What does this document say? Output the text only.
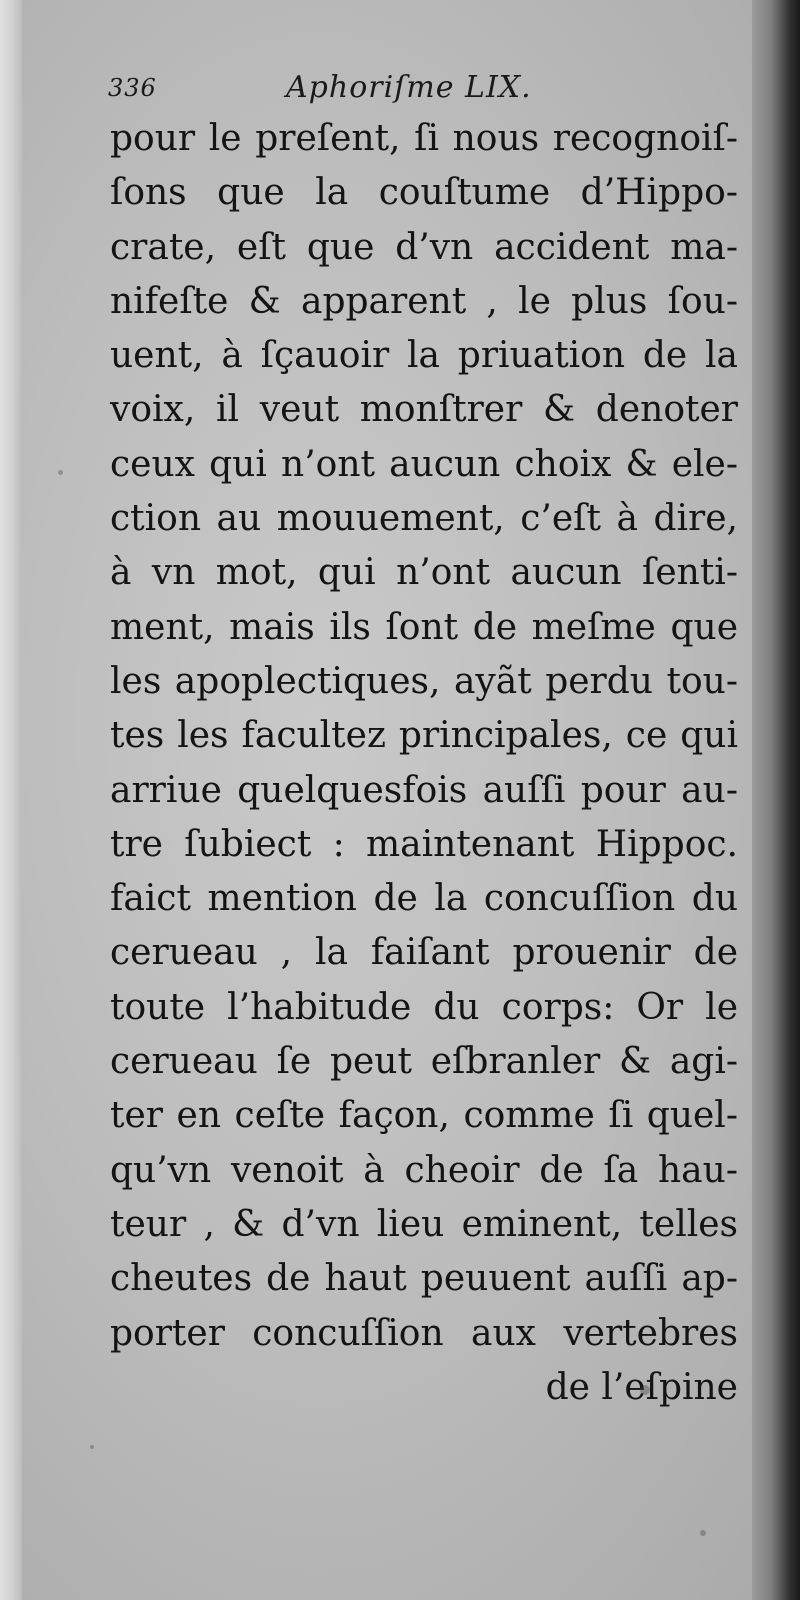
336	Aphoriſme LIX.
pour le preſent, ſi nous recognoiſ-
ſons que la couſtume d’Hippo-
crate, eſt que d’vn accident ma-
nifeſte & apparent , le plus ſou-
uent, à ſçauoir la priuation de la
voix, il veut monſtrer & denoter
ceux qui n’ont aucun choix & ele-
ction au mouuement, c’eſt à dire,
à vn mot, qui n’ont aucun ſenti-
ment, mais ils ſont de meſme que
les apoplectiques, ayãt perdu tou-
tes les facultez principales, ce qui
arriue quelquesfois auſſi pour au-
tre ſubiect : maintenant Hippoc.
faict mention de la concuſſion du
cerueau , la faiſant prouenir de
toute l’habitude du corps: Or le
cerueau ſe peut eſbranler & agi-
ter en ceſte façon, comme ſi quel-
qu’vn venoit à cheoir de ſa hau-
teur , & d’vn lieu eminent, telles
cheutes de haut peuuent auſſi ap-
porter concuſſion aux vertebres
de l’eſpine
